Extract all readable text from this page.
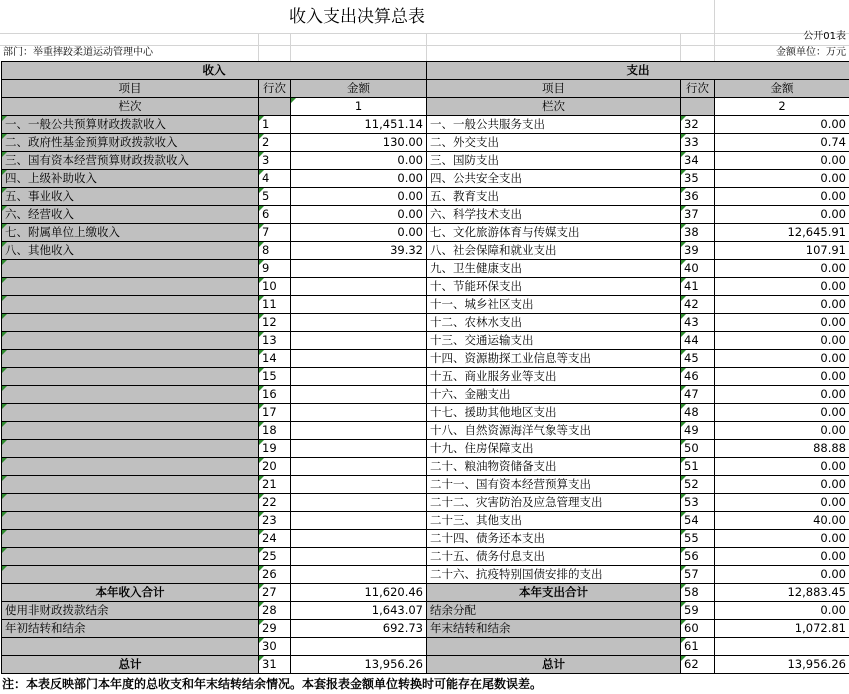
收入支出决算总表
公开01表
部门：举重摔跤柔道运动管理中心	金额单位：万元
收入			支出		
项目	行次	金额	项目	行次	金额
栏次		1	栏次		2
一、一般公共预算财政拨款收入	1	11,451.14	一、一般公共服务支出	32	0.00
二、政府性基金预算财政拨款收入	2	130.00	二、外交支出	33	0.74
三、国有资本经营预算财政拨款收入	3	0.00	三、国防支出	34	0.00
四、上级补助收入	4	0.00	四、公共安全支出	35	0.00
五、事业收入	5	0.00	五、教育支出	36	0.00
六、经营收入	6	0.00	六、科学技术支出	37	0.00
七、附属单位上缴收入	7	0.00	七、文化旅游体育与传媒支出	38	12,645.91
八、其他收入	8	39.32	八、社会保障和就业支出	39	107.91
	9		九、卫生健康支出	40	0.00
	10		十、节能环保支出	41	0.00
	11		十一、城乡社区支出	42	0.00
	12		十二、农林水支出	43	0.00
	13		十三、交通运输支出	44	0.00
	14		十四、资源勘探工业信息等支出	45	0.00
	15		十五、商业服务业等支出	46	0.00
	16		十六、金融支出	47	0.00
	17		十七、援助其他地区支出	48	0.00
	18		十八、自然资源海洋气象等支出	49	0.00
	19		十九、住房保障支出	50	88.88
	20		二十、粮油物资储备支出	51	0.00
	21		二十一、国有资本经营预算支出	52	0.00
	22		二十二、灾害防治及应急管理支出	53	0.00
	23		二十三、其他支出	54	40.00
	24		二十四、债务还本支出	55	0.00
	25		二十五、债务付息支出	56	0.00
	26		二十六、抗疫特别国债安排的支出	57	0.00
本年收入合计	27	11,620.46	本年支出合计	58	12,883.45
使用非财政拨款结余	28	1,643.07	结余分配	59	0.00
年初结转和结余	29	692.73	年末结转和结余	60	1,072.81
	30			61	
总计	31	13,956.26	总计	62	13,956.26
注：本表反映部门本年度的总收支和年末结转结余情况。本套报表金额单位转换时可能存在尾数误差。
